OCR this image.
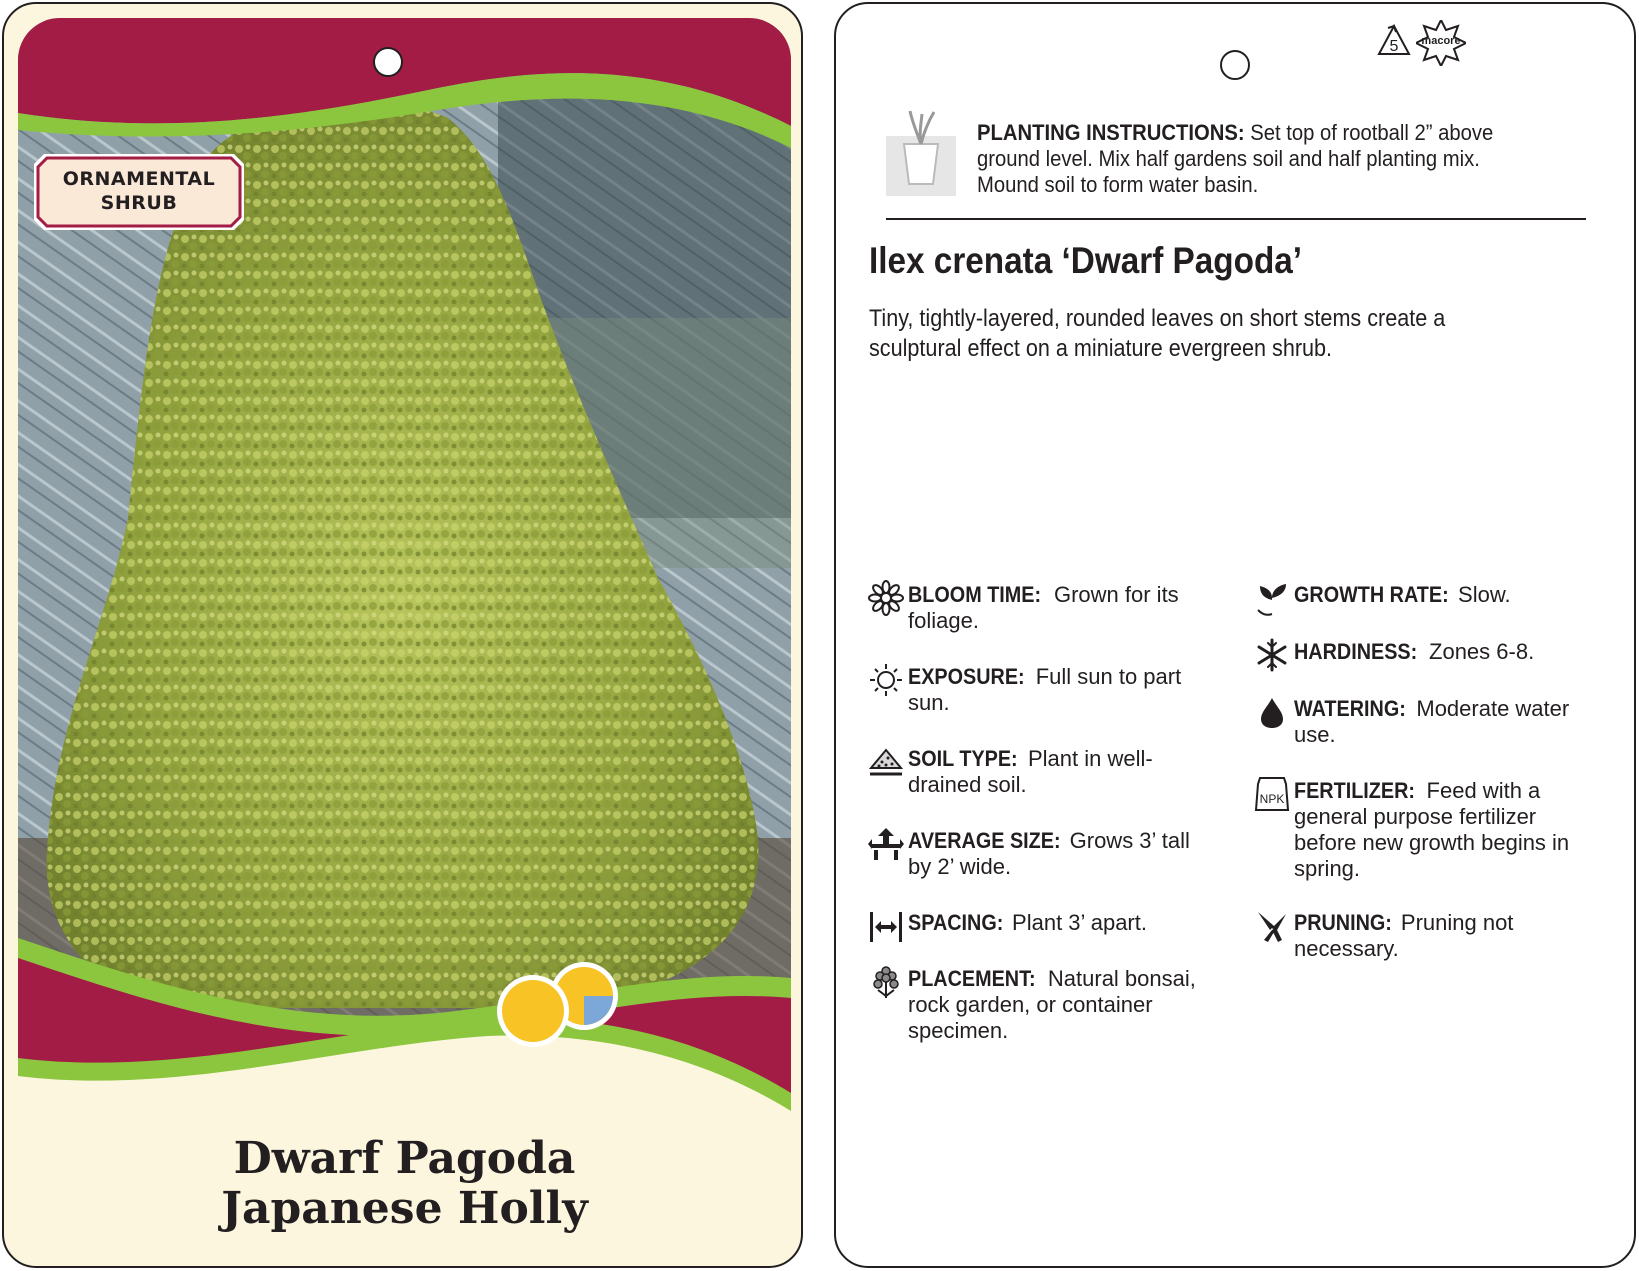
ORNAMENTAL
SHRUB
Dwarf Pagoda
Japanese Holly
5	macore
PLANTING INSTRUCTIONS: Set top of rootball 2” above ground level. Mix half gardens soil and half planting mix. Mound soil to form water basin.
Ilex crenata ‘Dwarf Pagoda’
Tiny, tightly-layered, rounded leaves on short stems create a sculptural effect on a miniature evergreen shrub.
BLOOM TIME: Grown for its foliage.
EXPOSURE: Full sun to part sun.
SOIL TYPE: Plant in well-drained soil.
AVERAGE SIZE: Grows 3’ tall by 2’ wide.
SPACING: Plant 3’ apart.
PLACEMENT: Natural bonsai, rock garden, or container specimen.
GROWTH RATE: Slow.
HARDINESS: Zones 6-8.
WATERING: Moderate water use.
NPK FERTILIZER: Feed with a general purpose fertilizer before new growth begins in spring.
PRUNING: Pruning not necessary.
